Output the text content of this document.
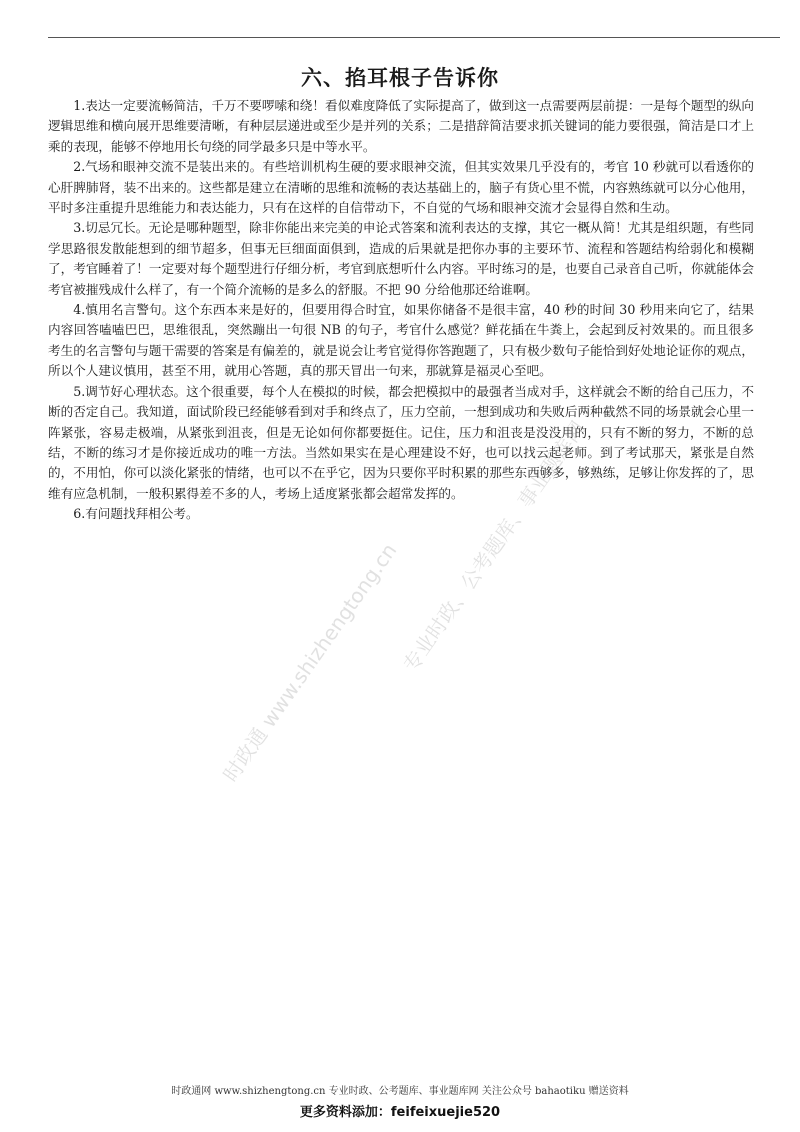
六、掐耳根子告诉你

1.表达一定要流畅简洁，千万不要啰嗦和绕！看似难度降低了实际提高了，做到这一点需要两层前提：一是每个题型的纵向逻辑思维和横向展开思维要清晰，有种层层递进或至少是并列的关系；二是措辞简洁要求抓关键词的能力要很强，简洁是口才上乘的表现，能够不停地用长句绕的同学最多只是中等水平。

2.气场和眼神交流不是装出来的。有些培训机构生硬的要求眼神交流，但其实效果几乎没有的，考官 10 秒就可以看透你的心肝脾肺肾，装不出来的。这些都是建立在清晰的思维和流畅的表达基础上的，脑子有货心里不慌，内容熟练就可以分心他用，平时多注重提升思维能力和表达能力，只有在这样的自信带动下，不自觉的气场和眼神交流才会显得自然和生动。

3.切忌冗长。无论是哪种题型，除非你能出来完美的申论式答案和流利表达的支撑，其它一概从简！尤其是组织题，有些同学思路很发散能想到的细节超多，但事无巨细面面俱到，造成的后果就是把你办事的主要环节、流程和答题结构给弱化和模糊了，考官睡着了！一定要对每个题型进行仔细分析，考官到底想听什么内容。平时练习的是，也要自己录音自己听，你就能体会考官被摧残成什么样了，有一个简介流畅的是多么的舒服。不把 90 分给他那还给谁啊。

4.慎用名言警句。这个东西本来是好的，但要用得合时宜，如果你储备不是很丰富，40 秒的时间 30 秒用来向它了，结果内容回答嗑嗑巴巴，思维很乱，突然蹦出一句很 NB 的句子，考官什么感觉？鲜花插在牛粪上，会起到反衬效果的。而且很多考生的名言警句与题干需要的答案是有偏差的，就是说会让考官觉得你答跑题了，只有极少数句子能恰到好处地论证你的观点，所以个人建议慎用，甚至不用，就用心答题，真的那天冒出一句来，那就算是福灵心至吧。

5.调节好心理状态。这个很重要，每个人在模拟的时候，都会把模拟中的最强者当成对手，这样就会不断的给自己压力，不断的否定自己。我知道，面试阶段已经能够看到对手和终点了，压力空前，一想到成功和失败后两种截然不同的场景就会心里一阵紧张，容易走极端，从紧张到沮丧，但是无论如何你都要挺住。记住，压力和沮丧是没没用的，只有不断的努力，不断的总结，不断的练习才是你接近成功的唯一方法。当然如果实在是心理建设不好，也可以找云起老师。到了考试那天，紧张是自然的，不用怕，你可以淡化紧张的情绪，也可以不在乎它，因为只要你平时积累的那些东西够多，够熟练，足够让你发挥的了，思维有应急机制，一般积累得差不多的人，考场上适度紧张都会超常发挥的。

6.有问题找拜相公考。

时政通 www.shizhengtong.cn
专业时政、公考题库、事业题库网
时政通网 www.shizhengtong.cn 专业时政、公考题库、事业题库网 关注公众号 bahaotiku 赠送资料
更多资料添加：feifeixuejie520
